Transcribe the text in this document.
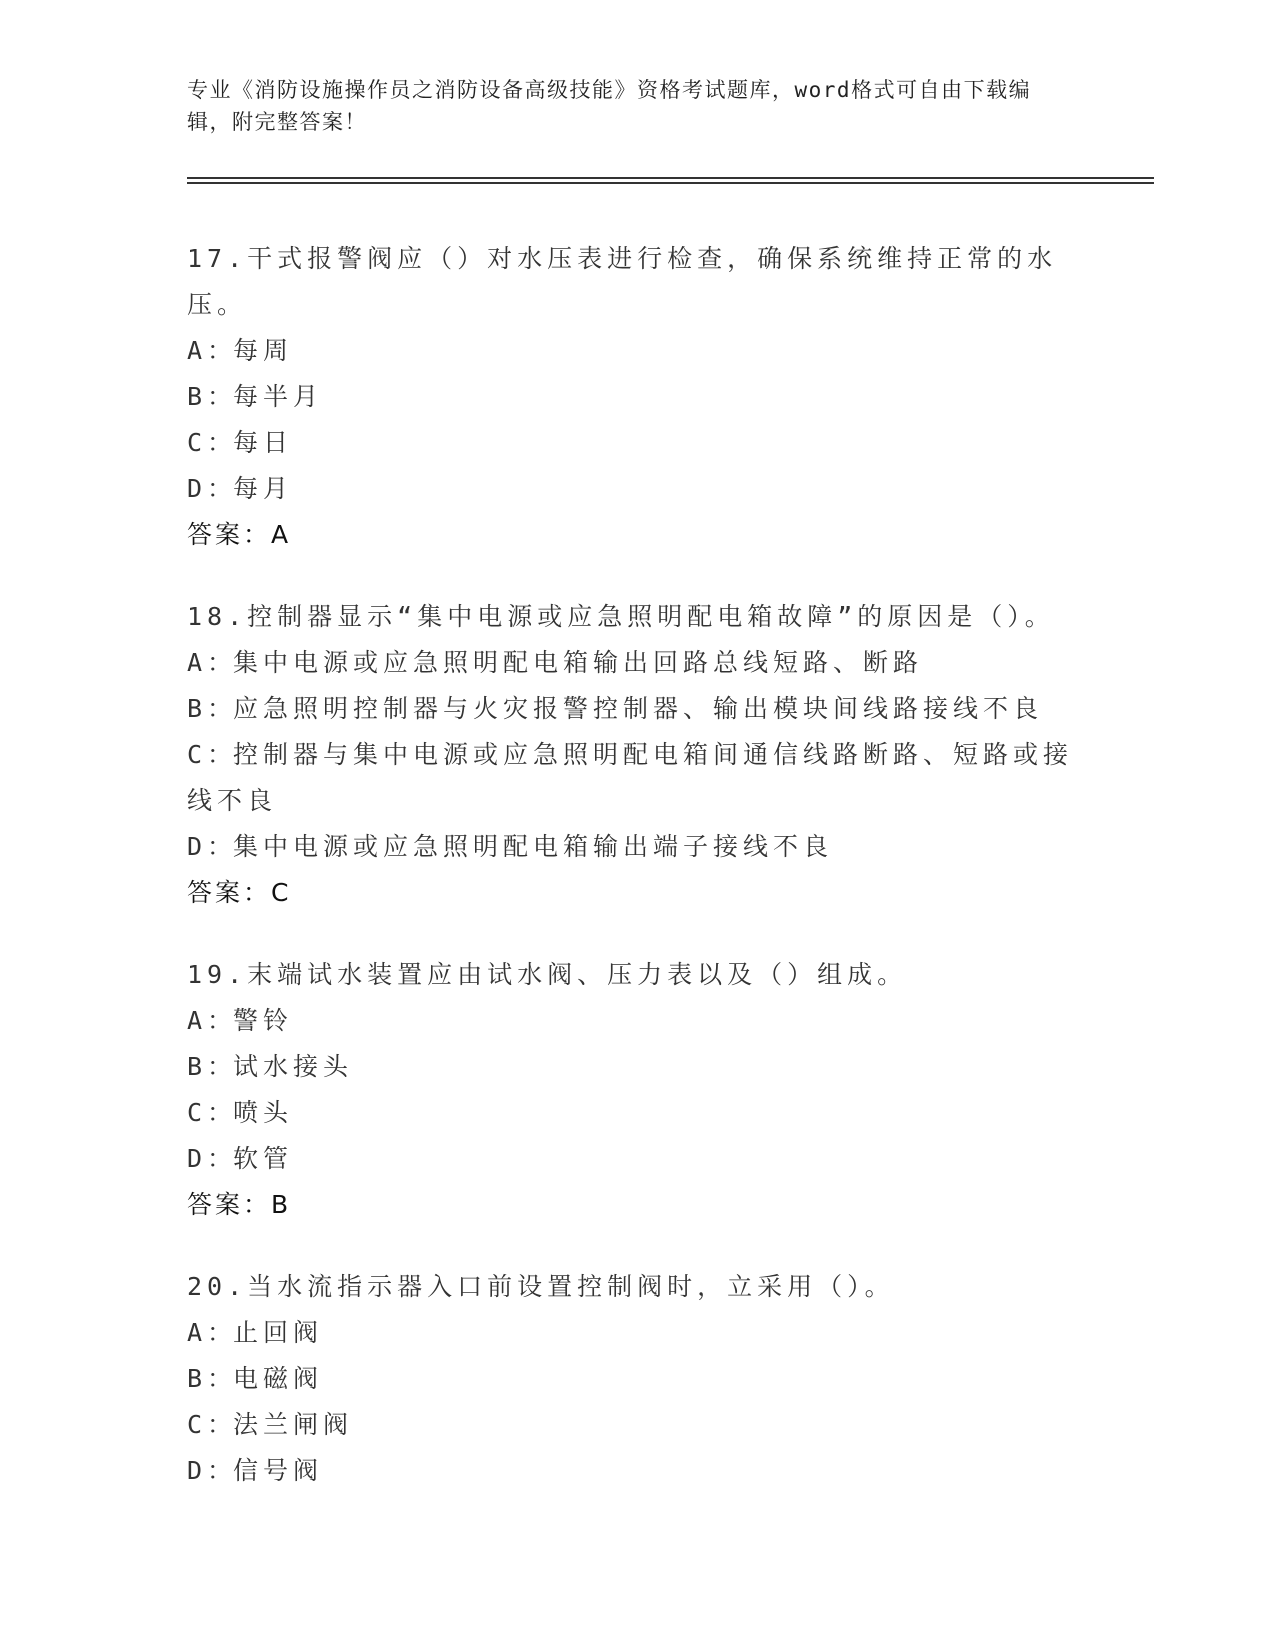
专业《消防设施操作员之消防设备高级技能》资格考试题库，word格式可自由下载编辑，附完整答案！
17.干式报警阀应（）对水压表进行检查，确保系统维持正常的水压。
A：每周
B：每半月
C：每日
D：每月
答案：A
18.控制器显示“集中电源或应急照明配电箱故障”的原因是（）。
A：集中电源或应急照明配电箱输出回路总线短路、断路
B：应急照明控制器与火灾报警控制器、输出模块间线路接线不良
C：控制器与集中电源或应急照明配电箱间通信线路断路、短路或接线不良
D：集中电源或应急照明配电箱输出端子接线不良
答案：C
19.末端试水装置应由试水阀、压力表以及（）组成。
A：警铃
B：试水接头
C：喷头
D：软管
答案：B
20.当水流指示器入口前设置控制阀时，立采用（）。
A：止回阀
B：电磁阀
C：法兰闸阀
D：信号阀
